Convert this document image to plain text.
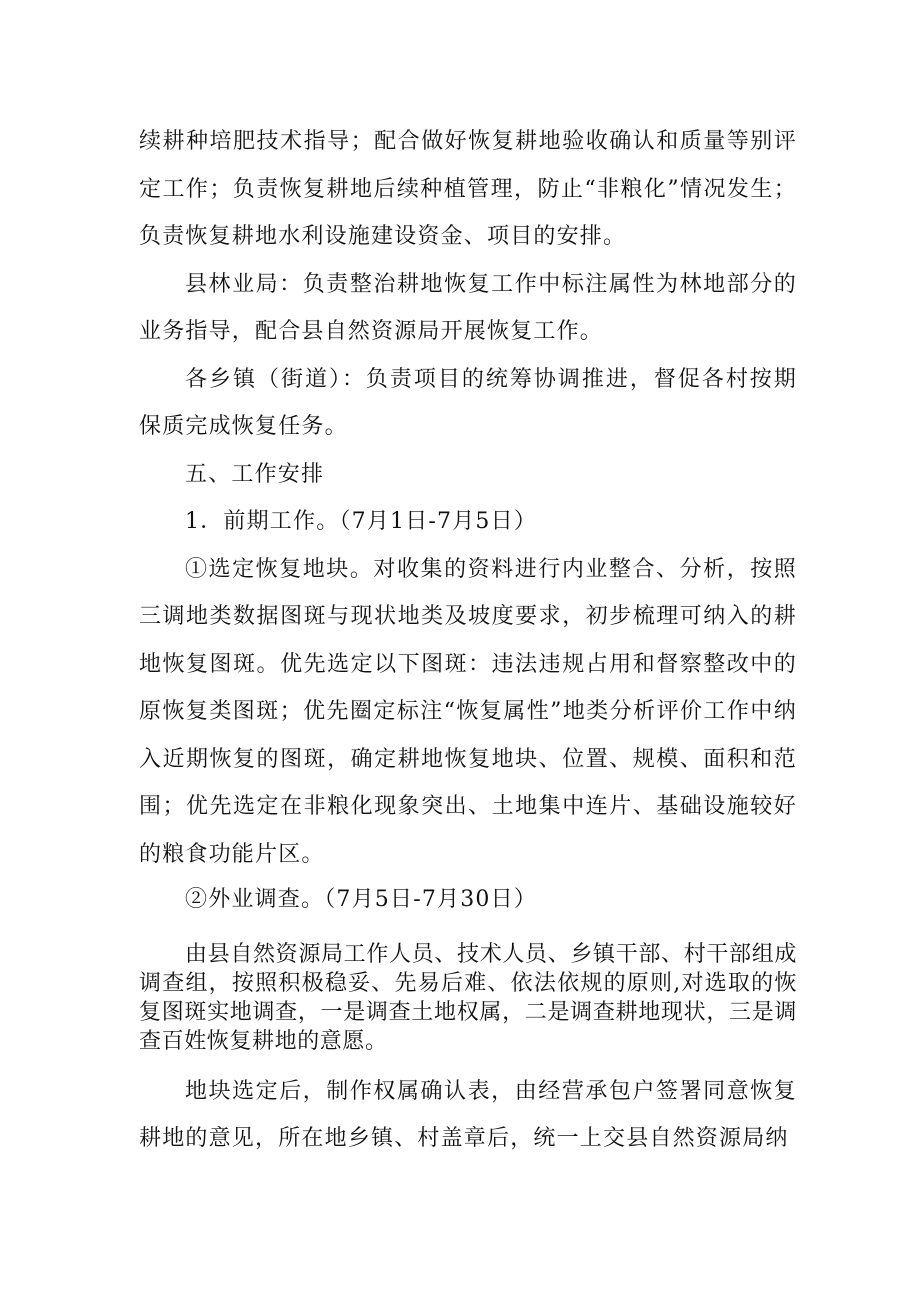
续耕种培肥技术指导；配合做好恢复耕地验收确认和质量等别评定工作；负责恢复耕地后续种植管理，防止“非粮化”情况发生；负责恢复耕地水利设施建设资金、项目的安排。

县林业局：负责整治耕地恢复工作中标注属性为林地部分的业务指导，配合县自然资源局开展恢复工作。

各乡镇（街道）：负责项目的统筹协调推进，督促各村按期保质完成恢复任务。

五、工作安排

1．前期工作。（7月1日-7月5日）

①选定恢复地块。对收集的资料进行内业整合、分析，按照三调地类数据图斑与现状地类及坡度要求，初步梳理可纳入的耕地恢复图斑。优先选定以下图斑：违法违规占用和督察整改中的原恢复类图斑；优先圈定标注“恢复属性”地类分析评价工作中纳入近期恢复的图斑，确定耕地恢复地块、位置、规模、面积和范围；优先选定在非粮化现象突出、土地集中连片、基础设施较好的粮食功能片区。

②外业调查。（7月5日-7月30日）

由县自然资源局工作人员、技术人员、乡镇干部、村干部组成调查组，按照积极稳妥、先易后难、依法依规的原则,对选取的恢复图斑实地调查，一是调查土地权属，二是调查耕地现状，三是调查百姓恢复耕地的意愿。

地块选定后，制作权属确认表，由经营承包户签署同意恢复耕地的意见，所在地乡镇、村盖章后，统一上交县自然资源局纳
